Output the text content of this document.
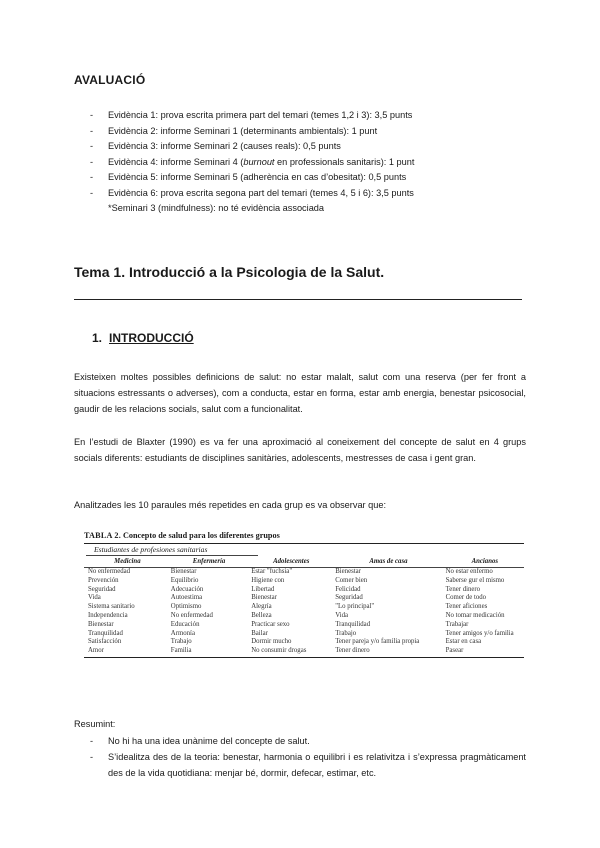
AVALUACIÓ
- Evidència 1: prova escrita primera part del temari (temes 1,2 i 3): 3,5 punts
- Evidència 2: informe Seminari 1 (determinants ambientals): 1 punt
- Evidència 3: informe Seminari 2 (causes reals): 0,5 punts
- Evidència 4: informe Seminari 4 (burnout en professionals sanitaris): 1 punt
- Evidència 5: informe Seminari 5 (adherència en cas d’obesitat): 0,5 punts
- Evidència 6: prova escrita segona part del temari (temes 4, 5 i 6): 3,5 punts
*Seminari 3 (mindfulness): no té evidència associada
Tema 1. Introducció a la Psicologia de la Salut.
1. INTRODUCCIÓ
Existeixen moltes possibles definicions de salut: no estar malalt, salut com una reserva (per fer front a situacions estressants o adverses), com a conducta, estar en forma, estar amb energia, benestar psicosocial, gaudir de les relacions socials, salut com a funcionalitat.
En l’estudi de Blaxter (1990) es va fer una aproximació al coneixement del concepte de salut en 4 grups socials diferents: estudiants de disciplines sanitàries, adolescents, mestresses de casa i gent gran.
Analitzades les 10 paraules més repetides en cada grup es va observar que:
TABLA 2. Concepto de salud para los diferentes grupos
Estudiantes de profesiones sanitarias
Medicina	Enfermería	Adolescentes	Amas de casa	Ancianos
No enfermedad	Bienestar	Estar "fuchsia"	Bienestar	No estar enfermo
Prevención	Equilibrio	Higiene con	Comer bien	Saberse gur el mismo
Seguridad	Adecuación	Libertad	Felicidad	Tener dinero
Vida	Autoestima	Bienestar	Seguridad	Comer de todo
Sistema sanitario	Optimismo	Alegría	"Lo principal"	Tener aficiones
Independencia	No enfermedad	Belleza	Vida	No tomar medicación
Bienestar	Educación	Practicar sexo	Tranquilidad	Trabajar
Tranquilidad	Armonía	Bailar	Trabajo	Tener amigos y/o familia
Satisfacción	Trabajo	Dormir mucho	Tener pareja y/o familia propia	Estar en casa
Amor	Familia	No consumir drogas	Tener dinero	Pasear
Resumint:
- No hi ha una idea unànime del concepte de salut.
- S’idealitza des de la teoria: benestar, harmonia o equilibri i es relativitza i s’expressa pragmàticament des de la vida quotidiana: menjar bé, dormir, defecar, estimar, etc.
